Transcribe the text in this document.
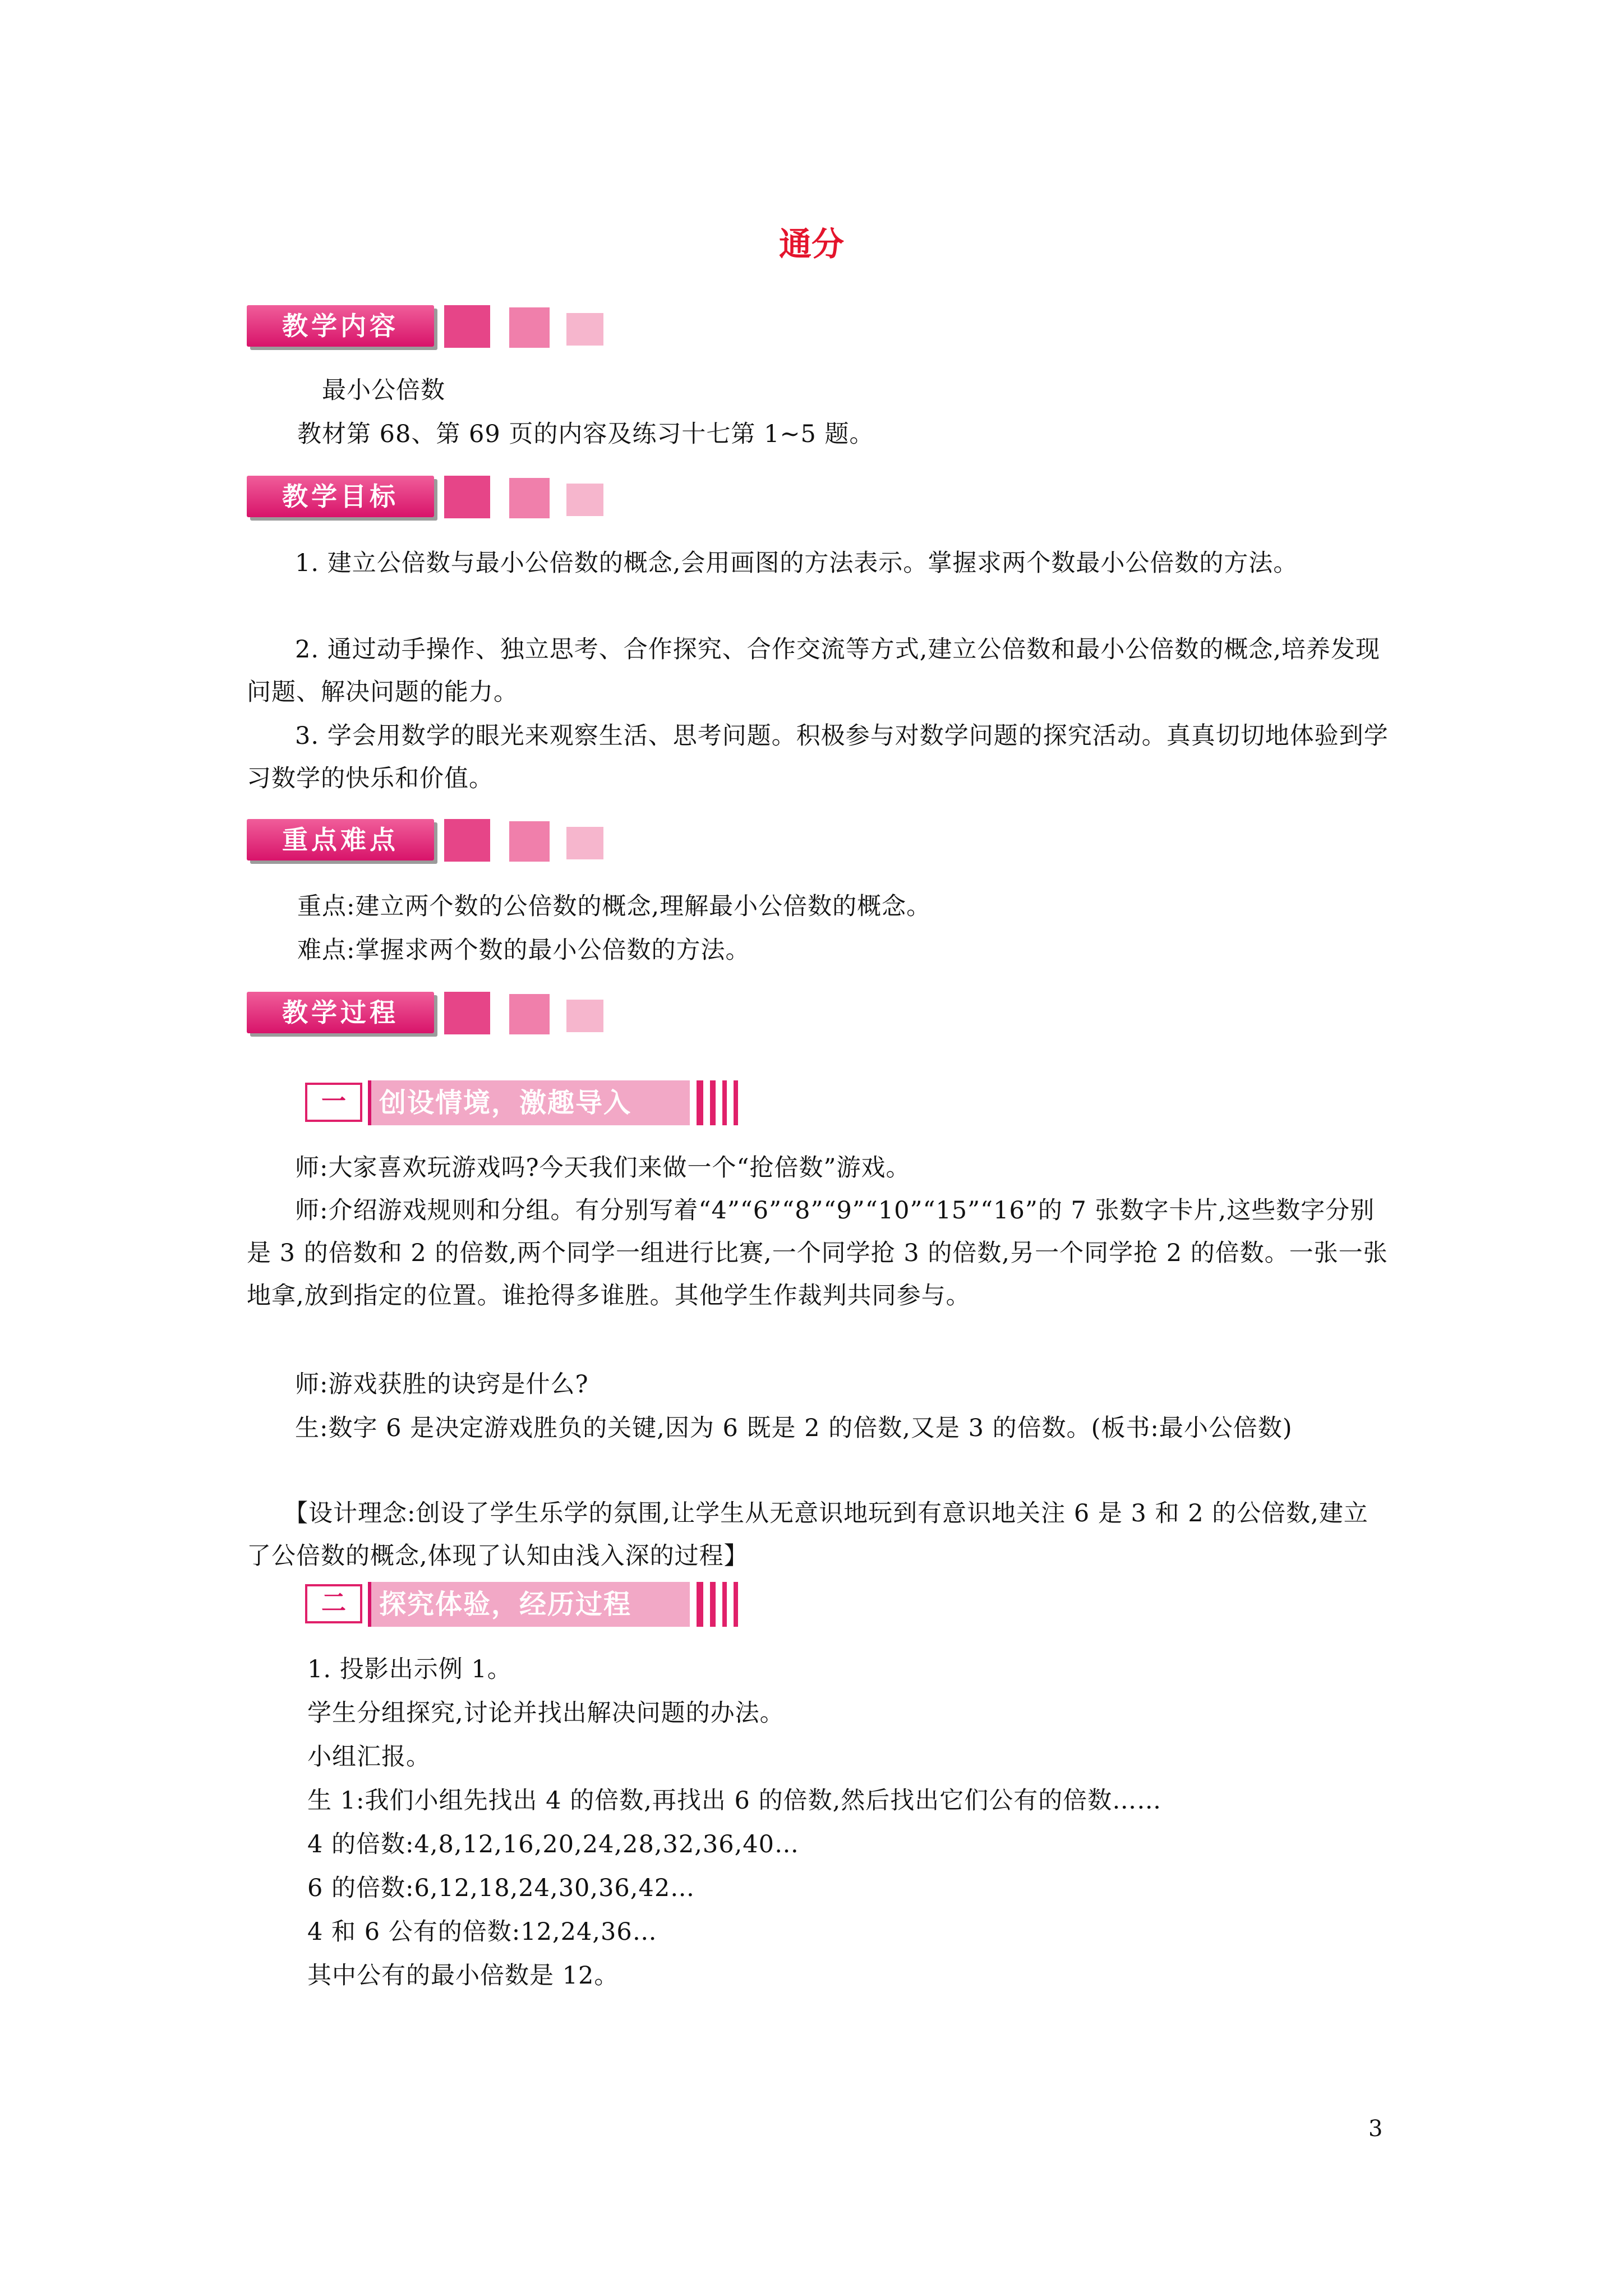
通分
教学内容
最小公倍数
教材第 68、第 69 页的内容及练习十七第 1~5 题。
教学目标
1. 建立公倍数与最小公倍数的概念,会用画图的方法表示。掌握求两个数最小公倍数的方法。
2. 通过动手操作、独立思考、合作探究、合作交流等方式,建立公倍数和最小公倍数的概念,培养发现问题、解决问题的能力。
3. 学会用数学的眼光来观察生活、思考问题。积极参与对数学问题的探究活动。真真切切地体验到学习数学的快乐和价值。
重点难点
重点:建立两个数的公倍数的概念,理解最小公倍数的概念。
难点:掌握求两个数的最小公倍数的方法。
教学过程
一	创设情境，激趣导入
师:大家喜欢玩游戏吗?今天我们来做一个“抢倍数”游戏。
师:介绍游戏规则和分组。有分别写着“4”“6”“8”“9”“10”“15”“16”的 7 张数字卡片,这些数字分别是 3 的倍数和 2 的倍数,两个同学一组进行比赛,一个同学抢 3 的倍数,另一个同学抢 2 的倍数。一张一张地拿,放到指定的位置。谁抢得多谁胜。其他学生作裁判共同参与。
师:游戏获胜的诀窍是什么?
生:数字 6 是决定游戏胜负的关键,因为 6 既是 2 的倍数,又是 3 的倍数。(板书:最小公倍数)
【设计理念:创设了学生乐学的氛围,让学生从无意识地玩到有意识地关注 6 是 3 和 2 的公倍数,建立了公倍数的概念,体现了认知由浅入深的过程】
二	探究体验，经历过程
1. 投影出示例 1。
学生分组探究,讨论并找出解决问题的办法。
小组汇报。
生 1:我们小组先找出 4 的倍数,再找出 6 的倍数,然后找出它们公有的倍数……
4 的倍数:4,8,12,16,20,24,28,32,36,40…
6 的倍数:6,12,18,24,30,36,42…
4 和 6 公有的倍数:12,24,36…
其中公有的最小倍数是 12。
3
